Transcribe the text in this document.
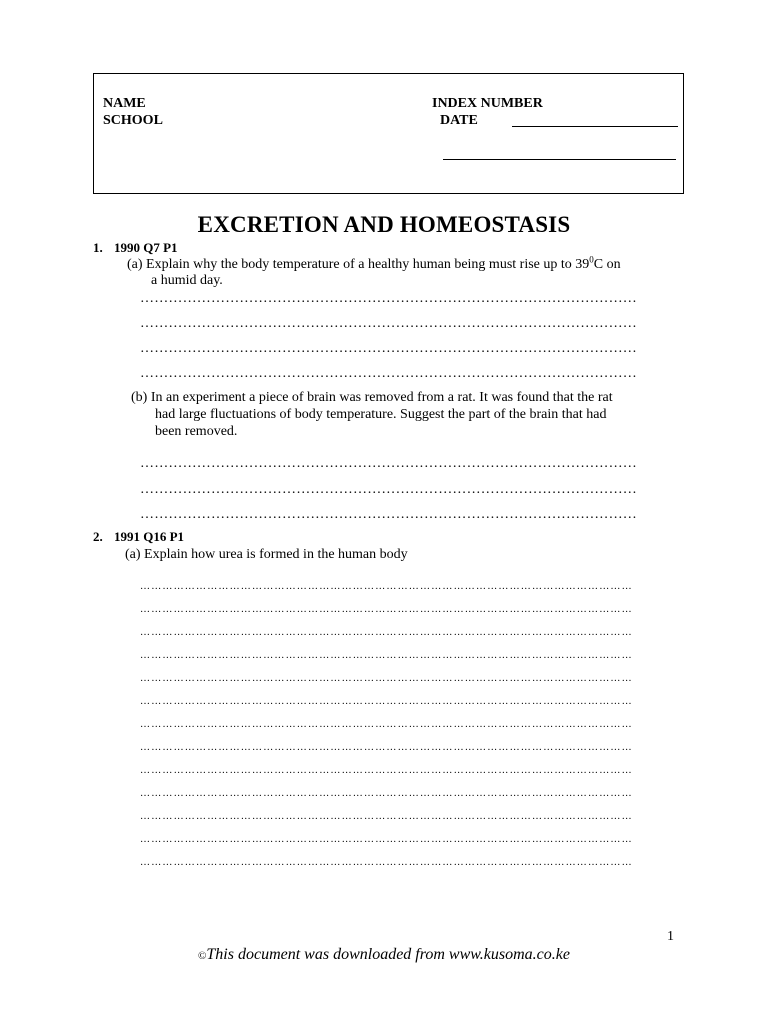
NAME
SCHOOL
INDEX NUMBER
DATE
EXCRETION AND HOMEOSTASIS
1. 1990 Q7 P1
(a) Explain why the body temperature of a healthy human being must rise up to $39^0C$ on
a humid day.
……………………………………………………………………………………………
……………………………………………………………………………………………
……………………………………………………………………………………………
……………………………………………………………………………………………
(b) In an experiment a piece of brain was removed from a rat. It was found that the rat
had large fluctuations of body temperature. Suggest the part of the brain that had
been removed.
……………………………………………………………………………………………
……………………………………………………………………………………………
……………………………………………………………………………………………
2. 1991 Q16 P1
(a) Explain how urea is formed in the human body
……………………………………………………………………………………………………………………
……………………………………………………………………………………………………………………
……………………………………………………………………………………………………………………
……………………………………………………………………………………………………………………
……………………………………………………………………………………………………………………
……………………………………………………………………………………………………………………
……………………………………………………………………………………………………………………
……………………………………………………………………………………………………………………
……………………………………………………………………………………………………………………
……………………………………………………………………………………………………………………
……………………………………………………………………………………………………………………
……………………………………………………………………………………………………………………
……………………………………………………………………………………………………………………
1
©This document was downloaded from www.kusoma.co.ke
